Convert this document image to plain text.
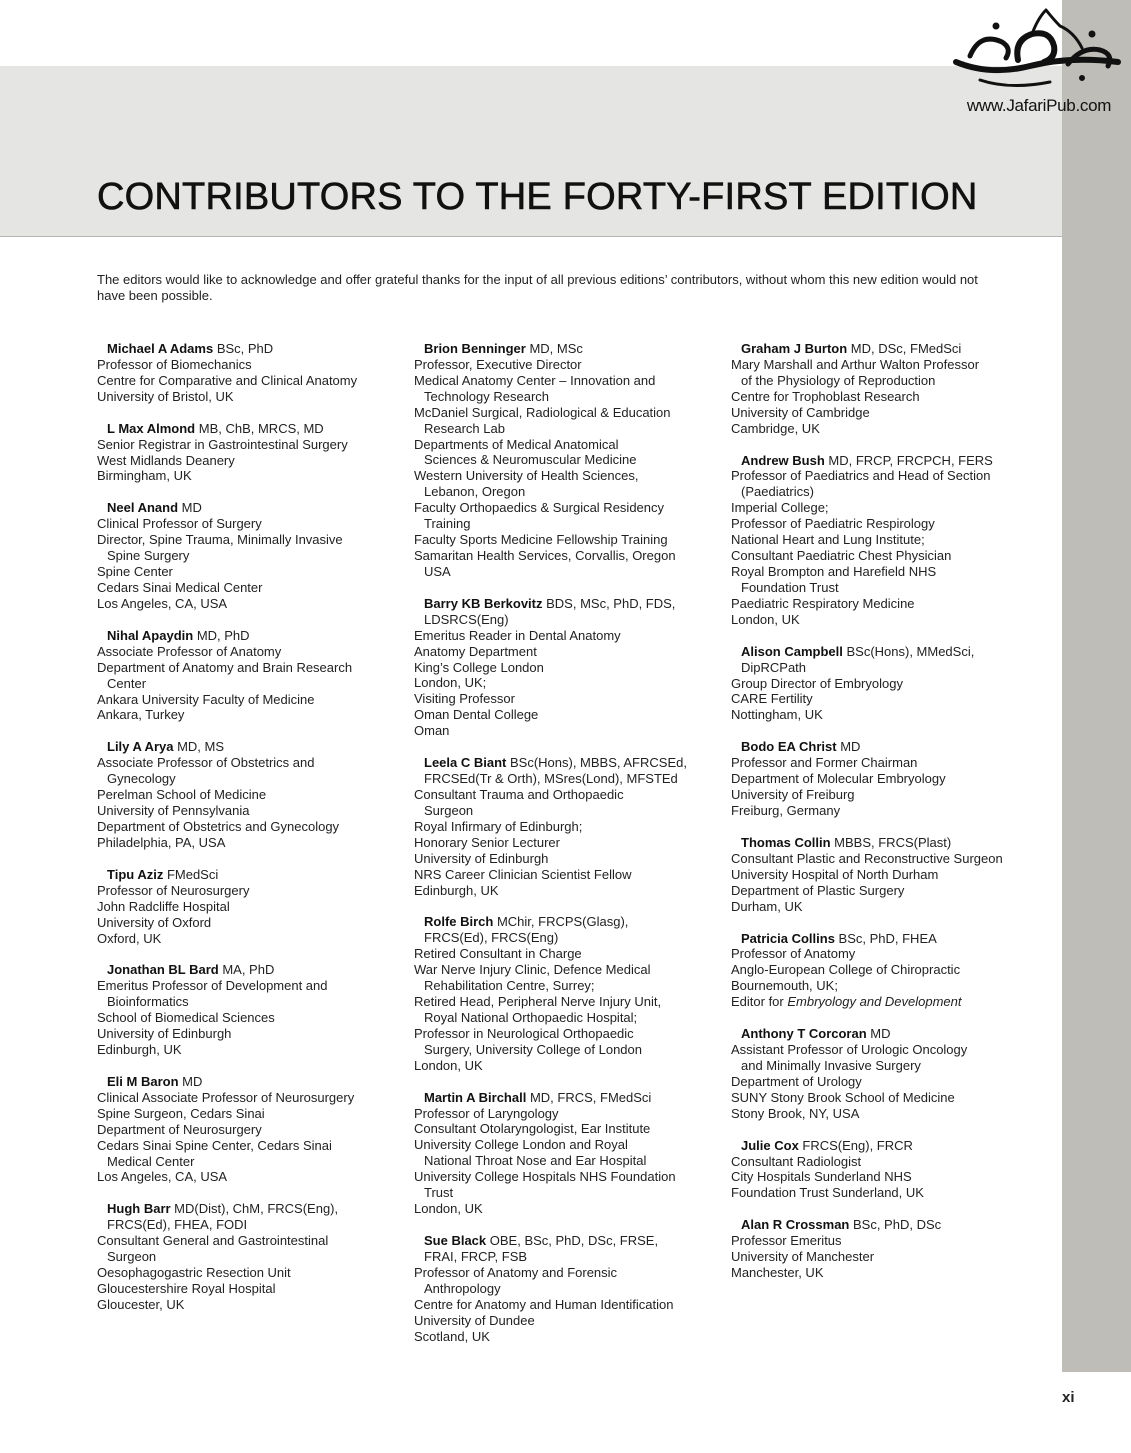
www.JafariPub.com
CONTRIBUTORS TO THE FORTY-FIRST EDITION

The editors would like to acknowledge and offer grateful thanks for the input of all previous editions’ contributors, without whom this new edition would not have been possible.

Michael A Adams BSc, PhD
Professor of Biomechanics
Centre for Comparative and Clinical Anatomy
University of Bristol, UK
L Max Almond MB, ChB, MRCS, MD
Senior Registrar in Gastrointestinal Surgery
West Midlands Deanery
Birmingham, UK
Neel Anand MD
Clinical Professor of Surgery
Director, Spine Trauma, Minimally Invasive
Spine Surgery
Spine Center
Cedars Sinai Medical Center
Los Angeles, CA, USA
Nihal Apaydin MD, PhD
Associate Professor of Anatomy
Department of Anatomy and Brain Research
Center
Ankara University Faculty of Medicine
Ankara, Turkey
Lily A Arya MD, MS
Associate Professor of Obstetrics and
Gynecology
Perelman School of Medicine
University of Pennsylvania
Department of Obstetrics and Gynecology
Philadelphia, PA, USA
Tipu Aziz FMedSci
Professor of Neurosurgery
John Radcliffe Hospital
University of Oxford
Oxford, UK
Jonathan BL Bard MA, PhD
Emeritus Professor of Development and
Bioinformatics
School of Biomedical Sciences
University of Edinburgh
Edinburgh, UK
Eli M Baron MD
Clinical Associate Professor of Neurosurgery
Spine Surgeon, Cedars Sinai
Department of Neurosurgery
Cedars Sinai Spine Center, Cedars Sinai
Medical Center
Los Angeles, CA, USA
Hugh Barr MD(Dist), ChM, FRCS(Eng),
FRCS(Ed), FHEA, FODI
Consultant General and Gastrointestinal
Surgeon
Oesophagogastric Resection Unit
Gloucestershire Royal Hospital
Gloucester, UK
Brion Benninger MD, MSc
Professor, Executive Director
Medical Anatomy Center – Innovation and
Technology Research
McDaniel Surgical, Radiological & Education
Research Lab
Departments of Medical Anatomical
Sciences & Neuromuscular Medicine
Western University of Health Sciences,
Lebanon, Oregon
Faculty Orthopaedics & Surgical Residency
Training
Faculty Sports Medicine Fellowship Training
Samaritan Health Services, Corvallis, Oregon
USA
Barry KB Berkovitz BDS, MSc, PhD, FDS,
LDSRCS(Eng)
Emeritus Reader in Dental Anatomy
Anatomy Department
King’s College London
London, UK;
Visiting Professor
Oman Dental College
Oman
Leela C Biant BSc(Hons), MBBS, AFRCSEd,
FRCSEd(Tr & Orth), MSres(Lond), MFSTEd
Consultant Trauma and Orthopaedic
Surgeon
Royal Infirmary of Edinburgh;
Honorary Senior Lecturer
University of Edinburgh
NRS Career Clinician Scientist Fellow
Edinburgh, UK
Rolfe Birch MChir, FRCPS(Glasg),
FRCS(Ed), FRCS(Eng)
Retired Consultant in Charge
War Nerve Injury Clinic, Defence Medical
Rehabilitation Centre, Surrey;
Retired Head, Peripheral Nerve Injury Unit,
Royal National Orthopaedic Hospital;
Professor in Neurological Orthopaedic
Surgery, University College of London
London, UK
Martin A Birchall MD, FRCS, FMedSci
Professor of Laryngology
Consultant Otolaryngologist, Ear Institute
University College London and Royal
National Throat Nose and Ear Hospital
University College Hospitals NHS Foundation
Trust
London, UK
Sue Black OBE, BSc, PhD, DSc, FRSE,
FRAI, FRCP, FSB
Professor of Anatomy and Forensic
Anthropology
Centre for Anatomy and Human Identification
University of Dundee
Scotland, UK
Graham J Burton MD, DSc, FMedSci
Mary Marshall and Arthur Walton Professor
of the Physiology of Reproduction
Centre for Trophoblast Research
University of Cambridge
Cambridge, UK
Andrew Bush MD, FRCP, FRCPCH, FERS
Professor of Paediatrics and Head of Section
(Paediatrics)
Imperial College;
Professor of Paediatric Respirology
National Heart and Lung Institute;
Consultant Paediatric Chest Physician
Royal Brompton and Harefield NHS
Foundation Trust
Paediatric Respiratory Medicine
London, UK
Alison Campbell BSc(Hons), MMedSci,
DipRCPath
Group Director of Embryology
CARE Fertility
Nottingham, UK
Bodo EA Christ MD
Professor and Former Chairman
Department of Molecular Embryology
University of Freiburg
Freiburg, Germany
Thomas Collin MBBS, FRCS(Plast)
Consultant Plastic and Reconstructive Surgeon
University Hospital of North Durham
Department of Plastic Surgery
Durham, UK
Patricia Collins BSc, PhD, FHEA
Professor of Anatomy
Anglo-European College of Chiropractic
Bournemouth, UK;
Editor for Embryology and Development
Anthony T Corcoran MD
Assistant Professor of Urologic Oncology
and Minimally Invasive Surgery
Department of Urology
SUNY Stony Brook School of Medicine
Stony Brook, NY, USA
Julie Cox FRCS(Eng), FRCR
Consultant Radiologist
City Hospitals Sunderland NHS
Foundation Trust Sunderland, UK
Alan R Crossman BSc, PhD, DSc
Professor Emeritus
University of Manchester
Manchester, UK
xi
